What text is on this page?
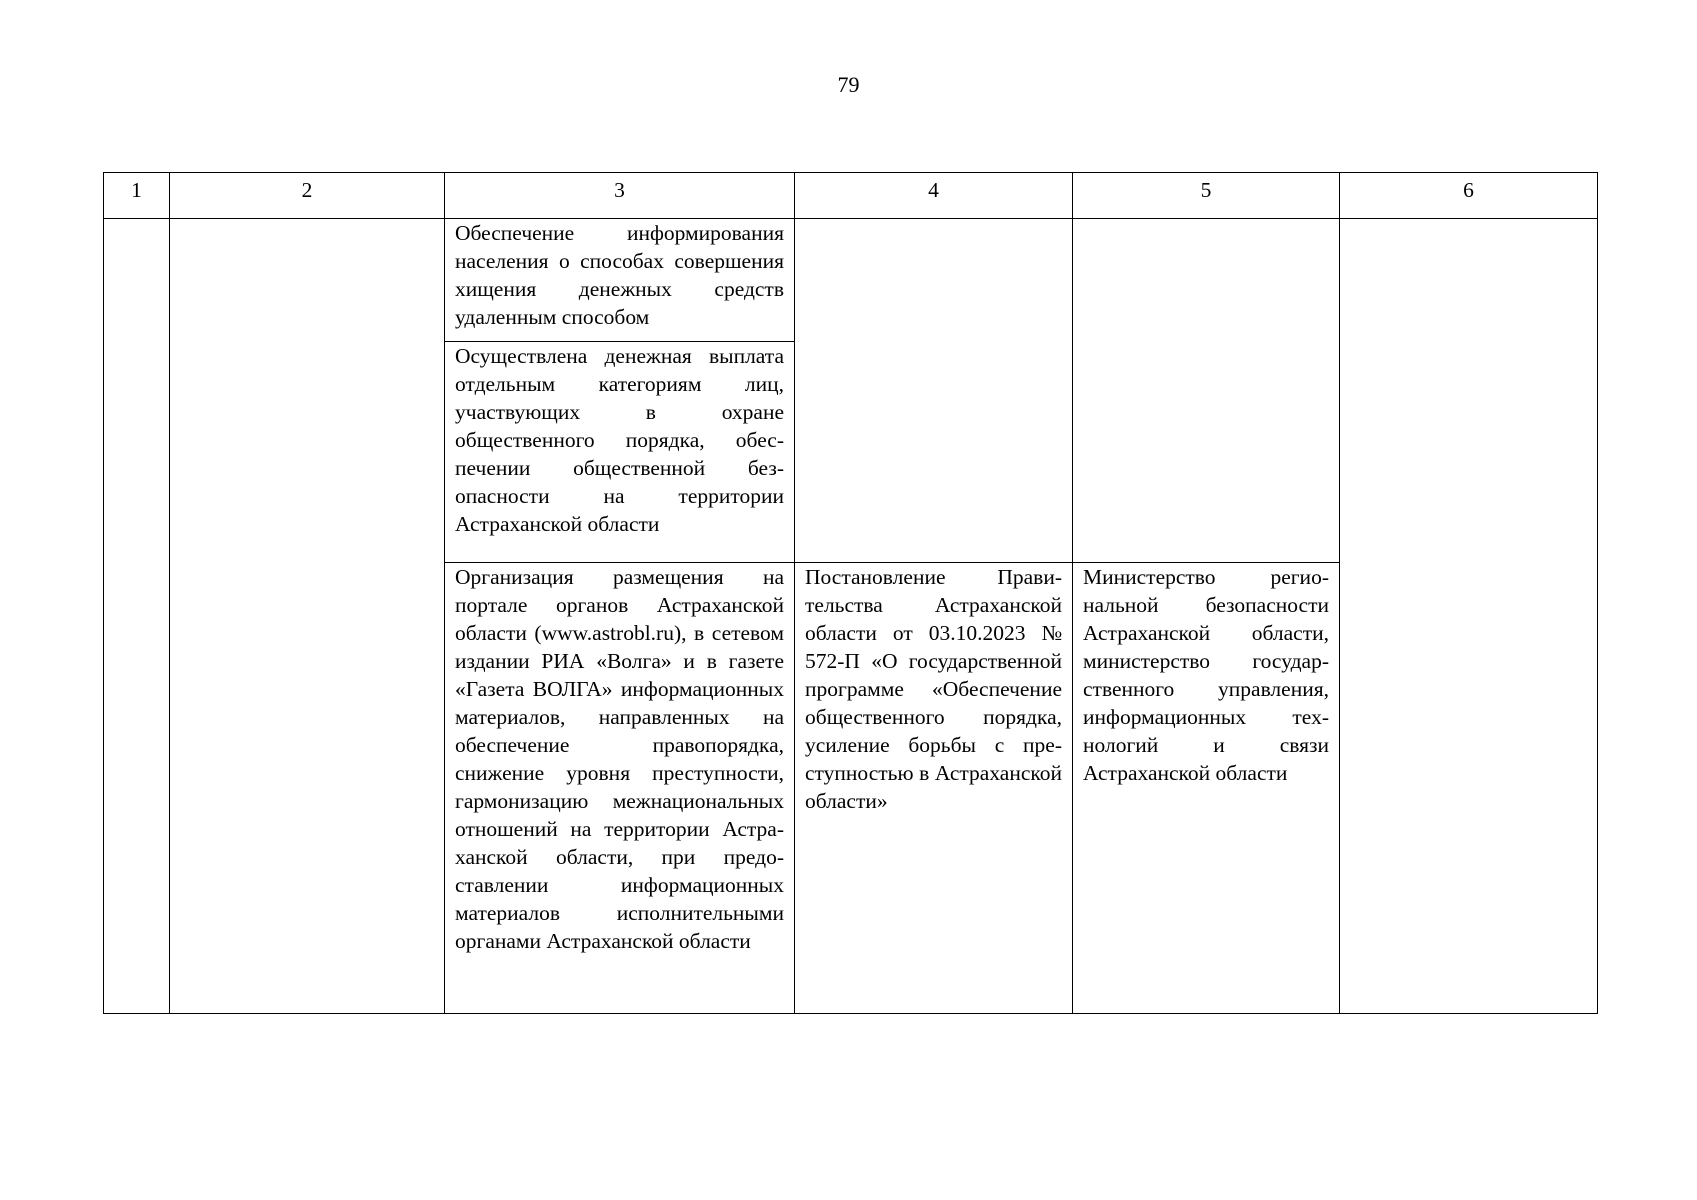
79
1	2	3	4	5	6
		Обеспечение информирования населения о способах совершения хищения денежных средств удаленным способом			
		Осуществлена денежная выплата отдельным категориям лиц, участвующих в охране общественного порядка, обеспечении общественной безопасности на территории Астраханской области			
		Организация размещения на портале органов Астраханской области (www.astrobl.ru), в сетевом издании РИА «Волга» и в газете «Газета ВОЛГА» информационных материалов, направленных на обеспечение правопорядка, снижение уровня преступности, гармонизацию межнациональных отношений на территории Астраханской области, при предоставлении информационных материалов исполнительными органами Астраханской области	Постановление Правительства Астраханской области от 03.10.2023 № 572-П «О государственной программе «Обеспечение общественного порядка, усиление борьбы с преступностью в Астраханской области»	Министерство региональной безопасности Астраханской области, министерство государственного управления, информационных технологий и связи Астраханской области	
